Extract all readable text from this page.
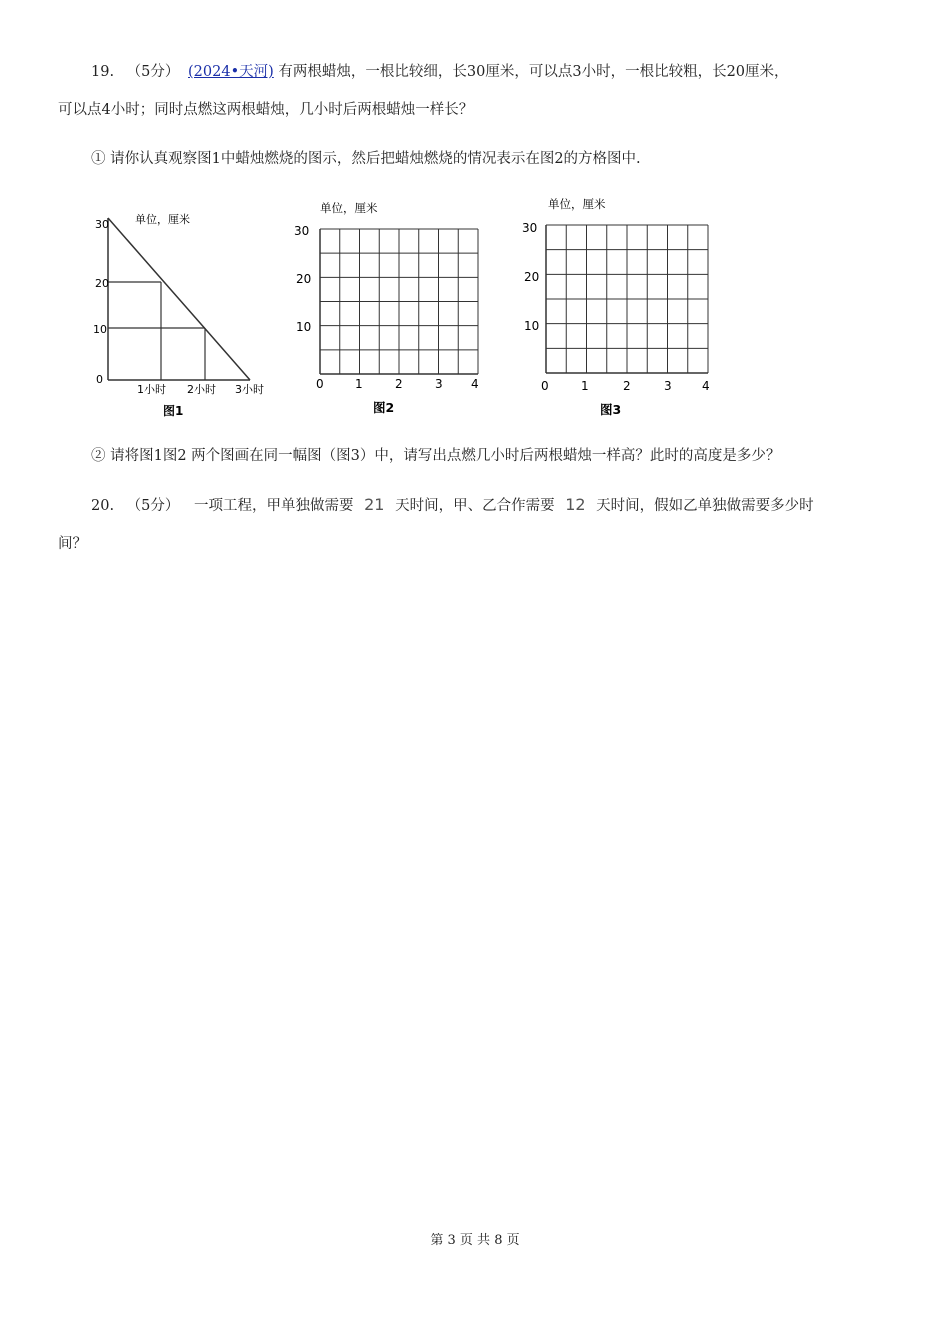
19. （5分） (2024•天河) 有两根蜡烛，一根比较细，长30厘米，可以点3小时，一根比较粗，长20厘米，
可以点4小时；同时点燃这两根蜡烛，几小时后两根蜡烛一样长？
① 请你认真观察图1中蜡烛燃烧的图示，然后把蜡烛燃烧的情况表示在图2的方格图中.
单位，厘米
30
20
10
0
1小时 2小时 3小时
图1
单位，厘米
30
20
10
0	1	2	3 4
图2
单位，厘米
30
20
10
0	1	2	3	4
图3
② 请将图1图2 两个图画在同一幅图（图3）中，请写出点燃几小时后两根蜡烛一样高？此时的高度是多少？
20. （5分） 一项工程，甲单独做需要 21 天时间，甲、乙合作需要 12 天时间，假如乙单独做需要多少时
间？
第 3 页 共 8 页
